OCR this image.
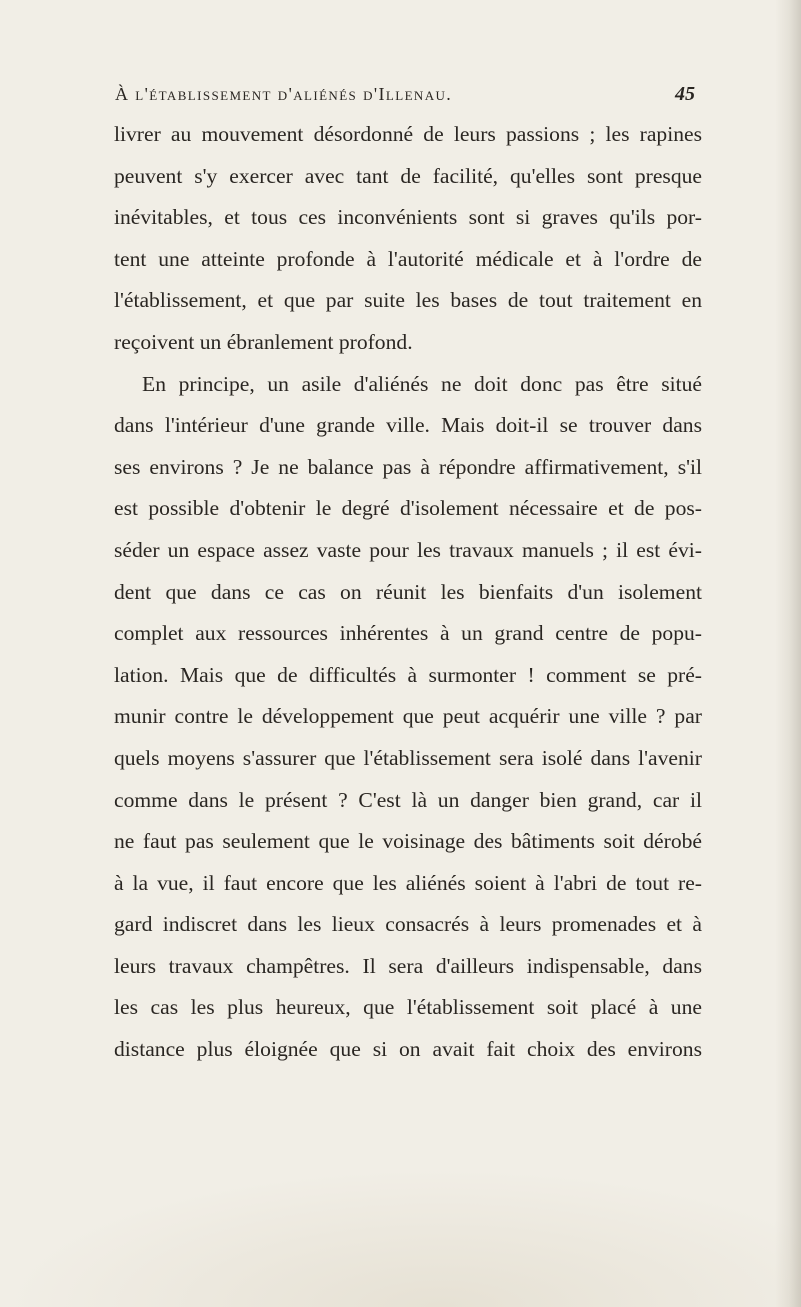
À l'établissement d'aliénés d'Illenau.	45
livrer au mouvement désordonné de leurs passions ; les rapines
peuvent s'y exercer avec tant de facilité, qu'elles sont presque
inévitables, et tous ces inconvénients sont si graves qu'ils por-
tent une atteinte profonde à l'autorité médicale et à l'ordre de
l'établissement, et que par suite les bases de tout traitement en
reçoivent un ébranlement profond.
En principe, un asile d'aliénés ne doit donc pas être situé
dans l'intérieur d'une grande ville. Mais doit-il se trouver dans
ses environs ? Je ne balance pas à répondre affirmativement, s'il
est possible d'obtenir le degré d'isolement nécessaire et de pos-
séder un espace assez vaste pour les travaux manuels ; il est évi-
dent que dans ce cas on réunit les bienfaits d'un isolement
complet aux ressources inhérentes à un grand centre de popu-
lation. Mais que de difficultés à surmonter ! comment se pré-
munir contre le développement que peut acquérir une ville ? par
quels moyens s'assurer que l'établissement sera isolé dans l'avenir
comme dans le présent ? C'est là un danger bien grand, car il
ne faut pas seulement que le voisinage des bâtiments soit dérobé
à la vue, il faut encore que les aliénés soient à l'abri de tout re-
gard indiscret dans les lieux consacrés à leurs promenades et à
leurs travaux champêtres. Il sera d'ailleurs indispensable, dans
les cas les plus heureux, que l'établissement soit placé à une
distance plus éloignée que si on avait fait choix des environs
